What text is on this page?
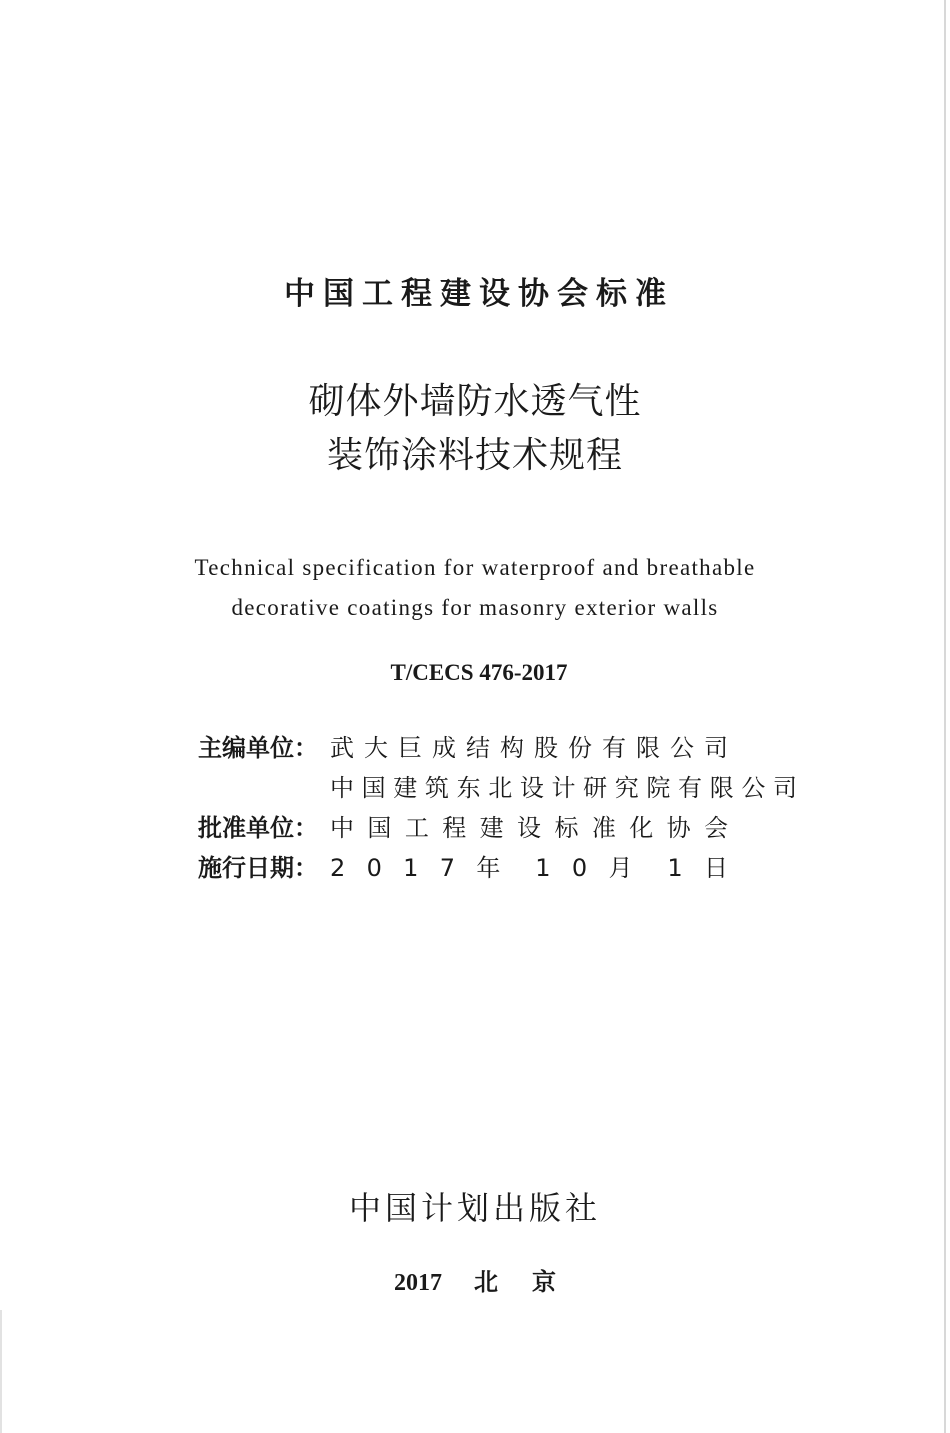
中国工程建设协会标准
砌体外墙防水透气性
装饰涂料技术规程
Technical specification for waterproof and breathable
decorative coatings for masonry exterior walls
T/CECS 476-2017
主编单位： 武 大 巨 成 结 构 股 份 有 限 公 司
中 国 建 筑 东 北 设 计 研 究 院 有 限 公 司
批准单位： 中 国 工 程 建 设 标 准 化 协 会
施行日期： 2 0 1 7 年 1 0 月 1 日
中国计划出版社
2017 北京
